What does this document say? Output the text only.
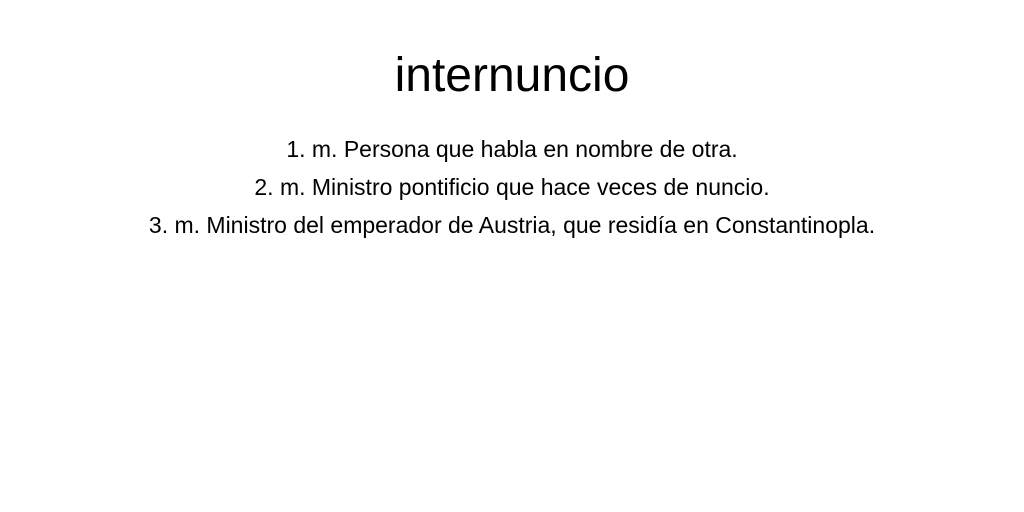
internuncio
1. m. Persona que habla en nombre de otra.
2. m. Ministro pontificio que hace veces de nuncio.
3. m. Ministro del emperador de Austria, que residía en Constantinopla.
